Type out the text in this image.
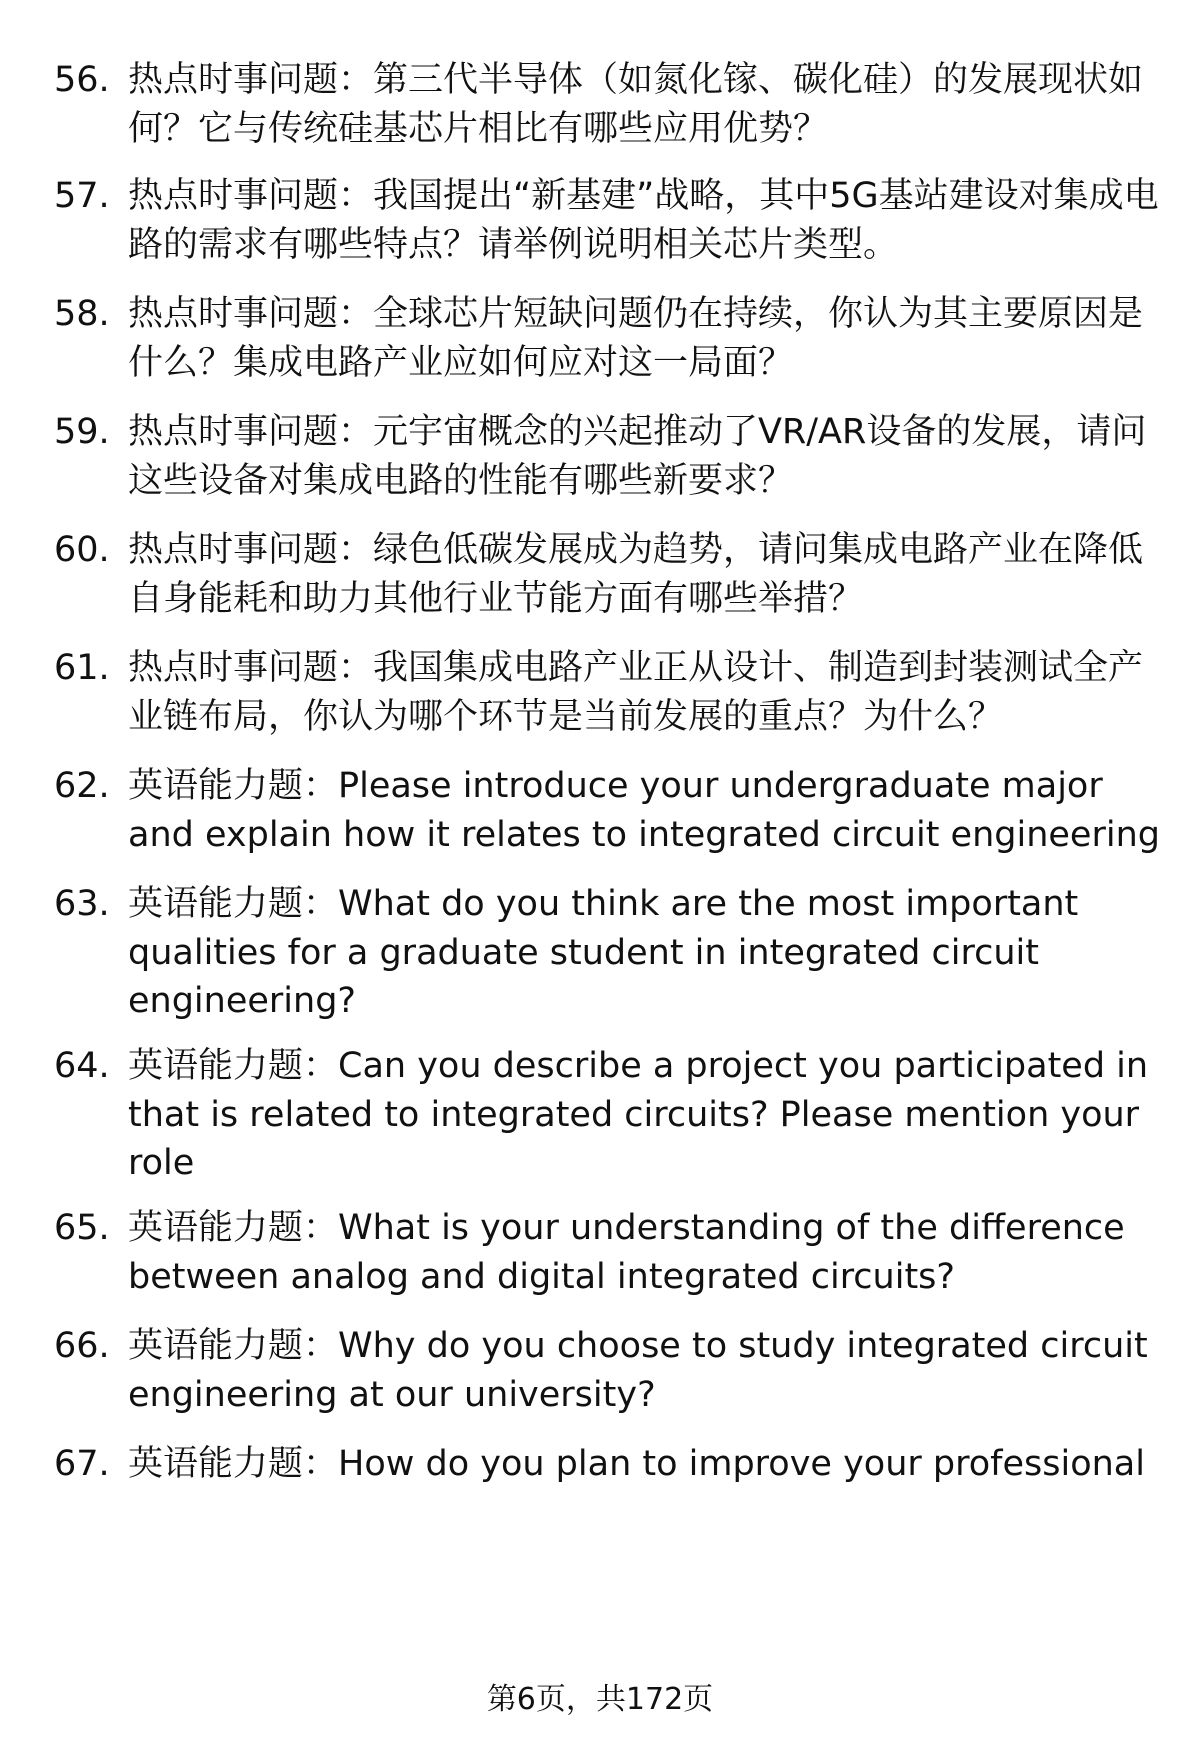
56. 热点时事问题：第三代半导体（如氮化镓、碳化硅）的发展现状如何？它与传统硅基芯片相比有哪些应用优势？
57. 热点时事问题：我国提出“新基建”战略，其中5G基站建设对集成电路的需求有哪些特点？请举例说明相关芯片类型。
58. 热点时事问题：全球芯片短缺问题仍在持续，你认为其主要原因是什么？集成电路产业应如何应对这一局面？
59. 热点时事问题：元宇宙概念的兴起推动了VR/AR设备的发展，请问这些设备对集成电路的性能有哪些新要求？
60. 热点时事问题：绿色低碳发展成为趋势，请问集成电路产业在降低自身能耗和助力其他行业节能方面有哪些举措？
61. 热点时事问题：我国集成电路产业正从设计、制造到封装测试全产业链布局，你认为哪个环节是当前发展的重点？为什么？
62. 英语能力题：Please introduce your undergraduate major and explain how it relates to integrated circuit engineering
63. 英语能力题：What do you think are the most important qualities for a graduate student in integrated circuit engineering?
64. 英语能力题：Can you describe a project you participated in that is related to integrated circuits? Please mention your role
65. 英语能力题：What is your understanding of the difference between analog and digital integrated circuits?
66. 英语能力题：Why do you choose to study integrated circuit engineering at our university?
67. 英语能力题：How do you plan to improve your professional
第6页，共172页
